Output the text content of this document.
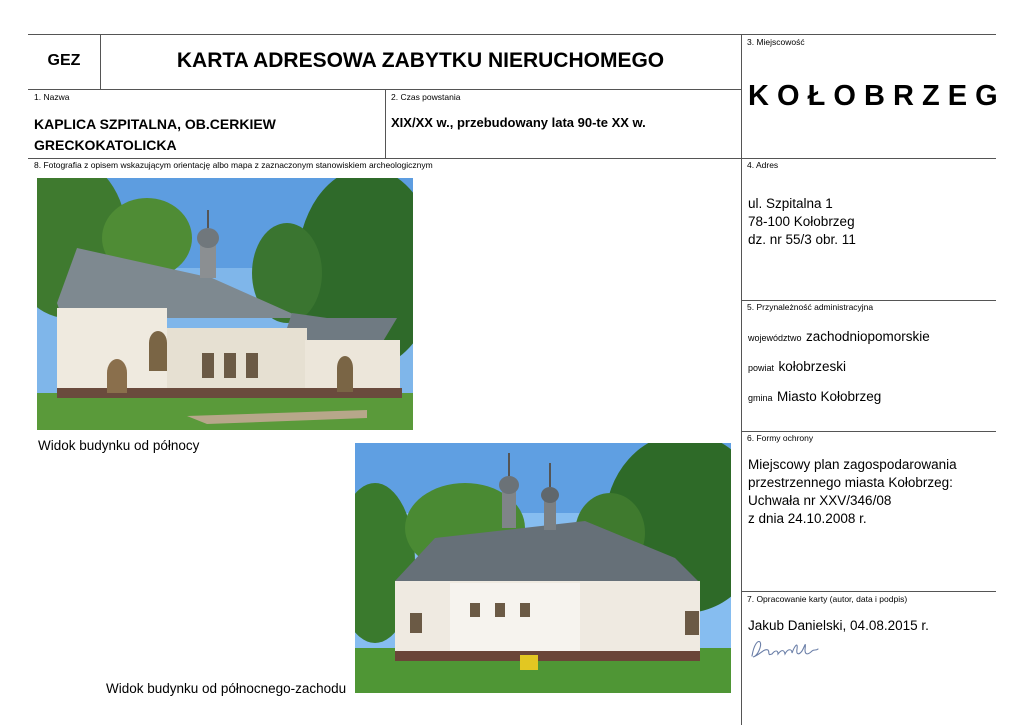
GEZ	KARTA ADRESOWA ZABYTKU NIERUCHOMEGO
3. Miejscowość
K O Ł O B R Z E G
1. Nazwa
KAPLICA SZPITALNA, OB.CERKIEW
GRECKOKATOLICKA
2. Czas powstania
XIX/XX w., przebudowany lata 90-te XX w.
8. Fotografia z opisem wskazującym orientację albo mapa z zaznaczonym stanowiskiem archeologicznym
Widok budynku od północy
Widok budynku od północnego-zachodu
4. Adres
ul. Szpitalna 1
78-100 Kołobrzeg
dz. nr 55/3 obr. 11
5. Przynależność administracyjna
województwo zachodniopomorskie
powiat kołobrzeski
gmina Miasto Kołobrzeg
6. Formy ochrony
Miejscowy plan zagospodarowania
przestrzennego miasta Kołobrzeg:
Uchwała nr XXV/346/08
z dnia 24.10.2008 r.
7. Opracowanie karty (autor, data i podpis)
Jakub Danielski, 04.08.2015 r.
